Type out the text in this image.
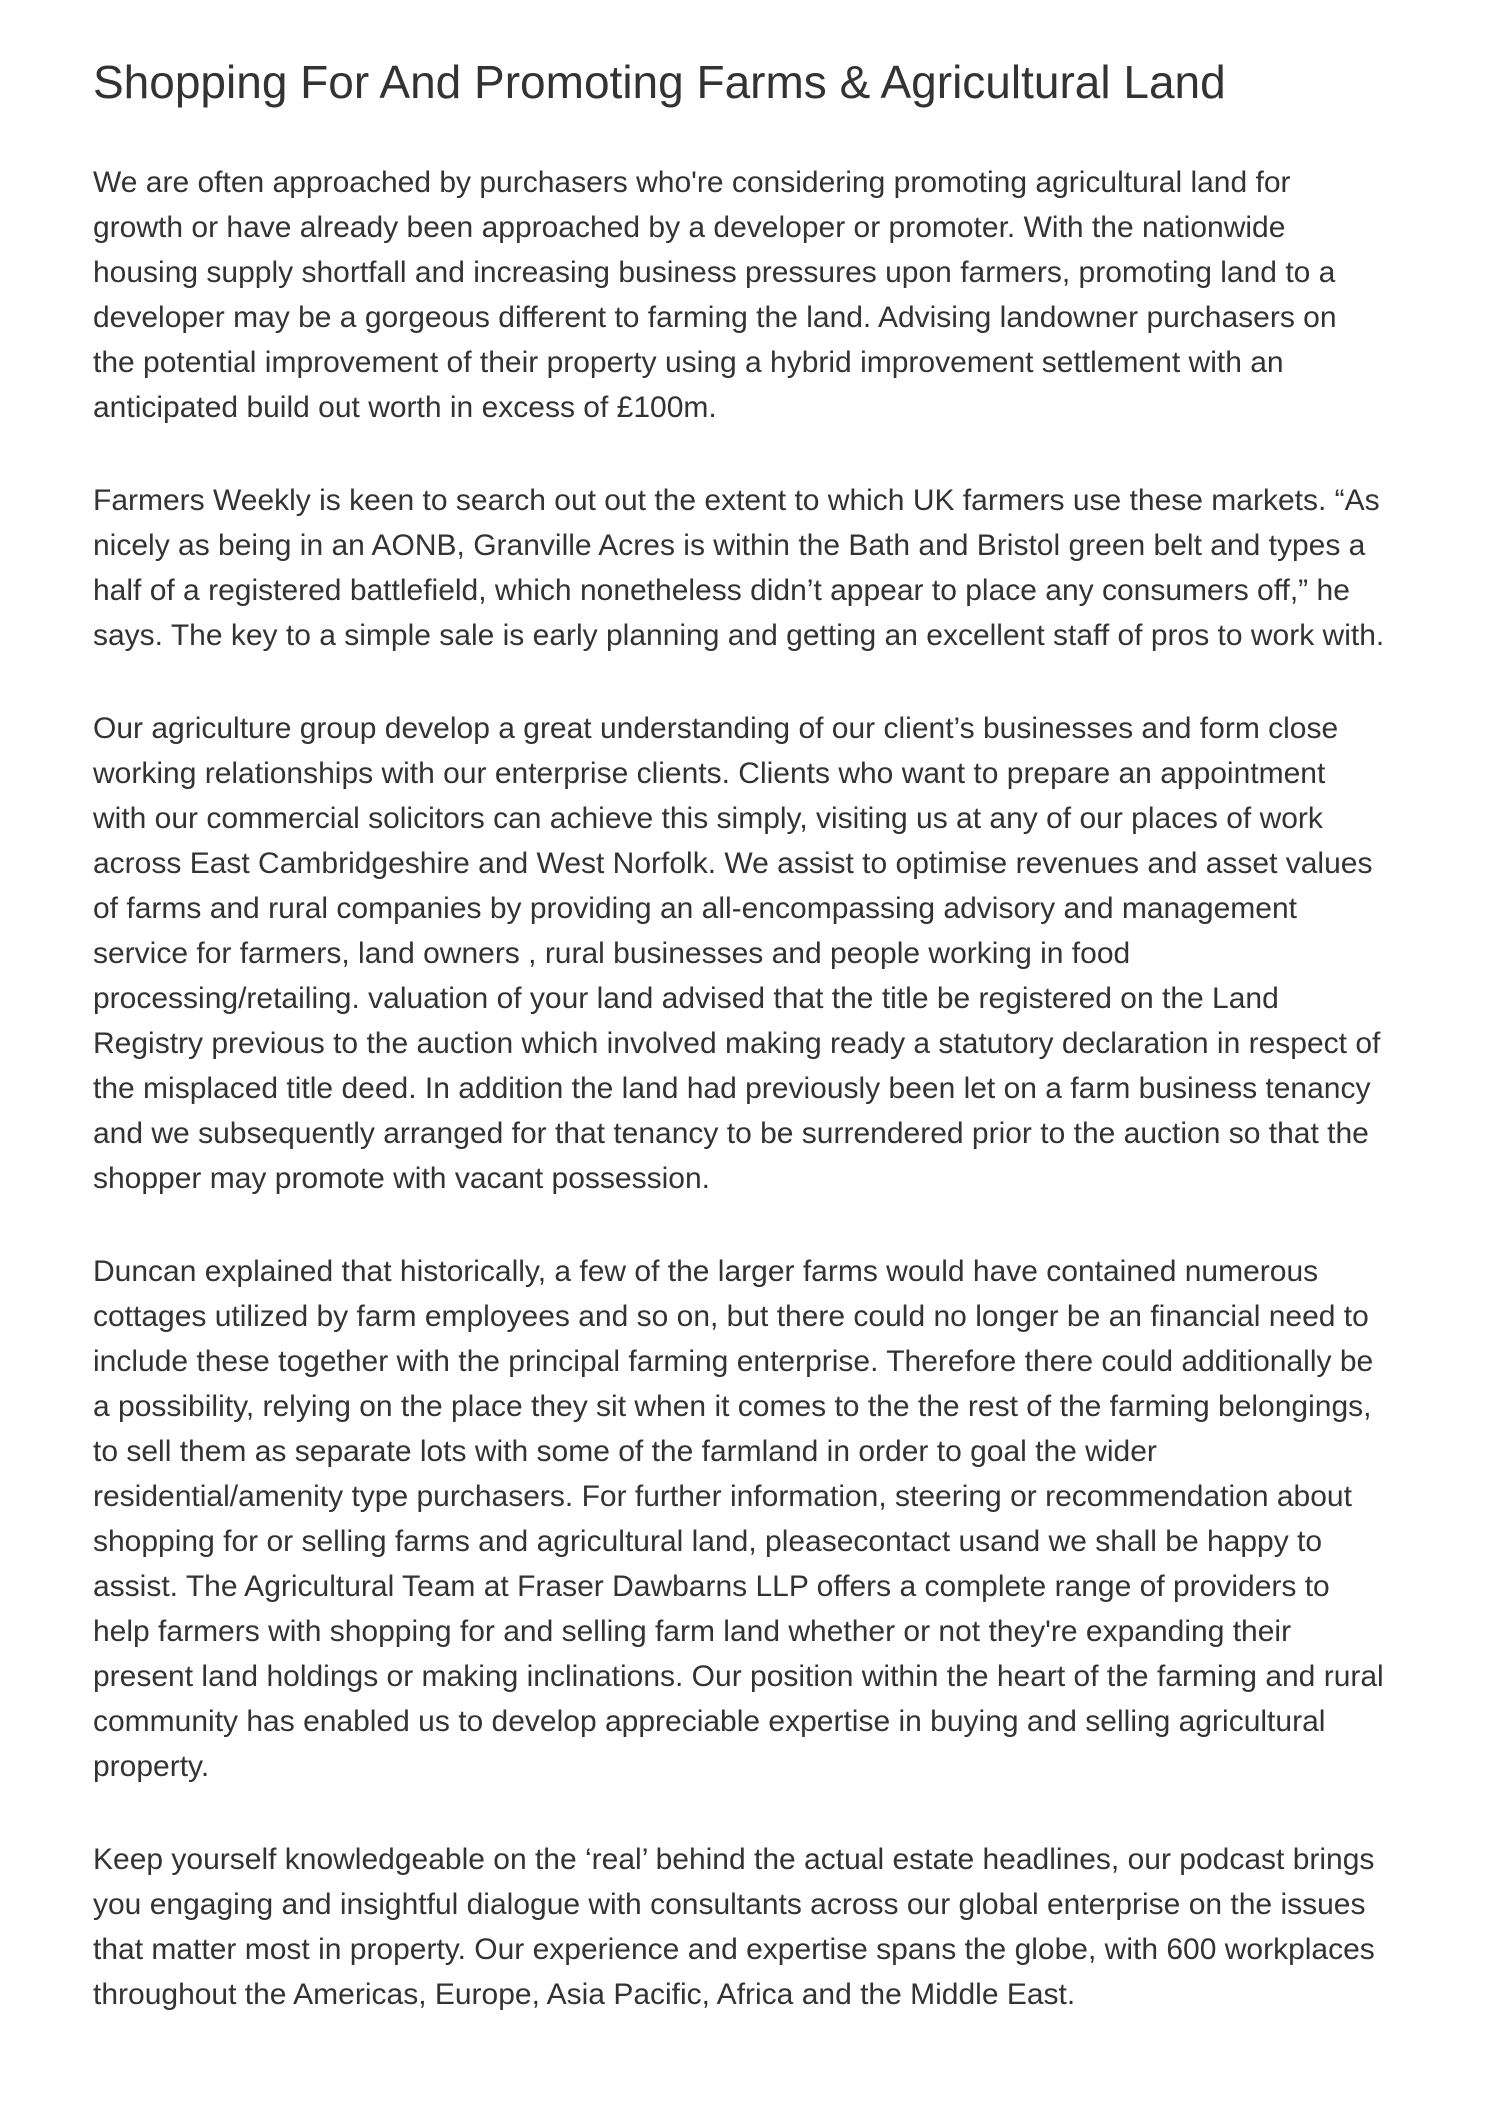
Shopping For And Promoting Farms & Agricultural Land

We are often approached by purchasers who're considering promoting agricultural land for growth or have already been approached by a developer or promoter. With the nationwide housing supply shortfall and increasing business pressures upon farmers, promoting land to a developer may be a gorgeous different to farming the land. Advising landowner purchasers on the potential improvement of their property using a hybrid improvement settlement with an anticipated build out worth in excess of £100m.

Farmers Weekly is keen to search out out the extent to which UK farmers use these markets. “As nicely as being in an AONB, Granville Acres is within the Bath and Bristol green belt and types a half of a registered battlefield, which nonetheless didn’t appear to place any consumers off,” he says. The key to a simple sale is early planning and getting an excellent staff of pros to work with.

Our agriculture group develop a great understanding of our client’s businesses and form close working relationships with our enterprise clients. Clients who want to prepare an appointment with our commercial solicitors can achieve this simply, visiting us at any of our places of work across East Cambridgeshire and West Norfolk. We assist to optimise revenues and asset values of farms and rural companies by providing an all-encompassing advisory and management service for farmers, land owners , rural businesses and people working in food processing/retailing. valuation of your land advised that the title be registered on the Land Registry previous to the auction which involved making ready a statutory declaration in respect of the misplaced title deed. In addition the land had previously been let on a farm business tenancy and we subsequently arranged for that tenancy to be surrendered prior to the auction so that the shopper may promote with vacant possession.

Duncan explained that historically, a few of the larger farms would have contained numerous cottages utilized by farm employees and so on, but there could no longer be an financial need to include these together with the principal farming enterprise. Therefore there could additionally be a possibility, relying on the place they sit when it comes to the the rest of the farming belongings, to sell them as separate lots with some of the farmland in order to goal the wider residential/amenity type purchasers. For further information, steering or recommendation about shopping for or selling farms and agricultural land, pleasecontact usand we shall be happy to assist. The Agricultural Team at Fraser Dawbarns LLP offers a complete range of providers to help farmers with shopping for and selling farm land whether or not they're expanding their present land holdings or making inclinations. Our position within the heart of the farming and rural community has enabled us to develop appreciable expertise in buying and selling agricultural property.

Keep yourself knowledgeable on the ‘real’ behind the actual estate headlines, our podcast brings you engaging and insightful dialogue with consultants across our global enterprise on the issues that matter most in property. Our experience and expertise spans the globe, with 600 workplaces throughout the Americas, Europe, Asia Pacific, Africa and the Middle East.
